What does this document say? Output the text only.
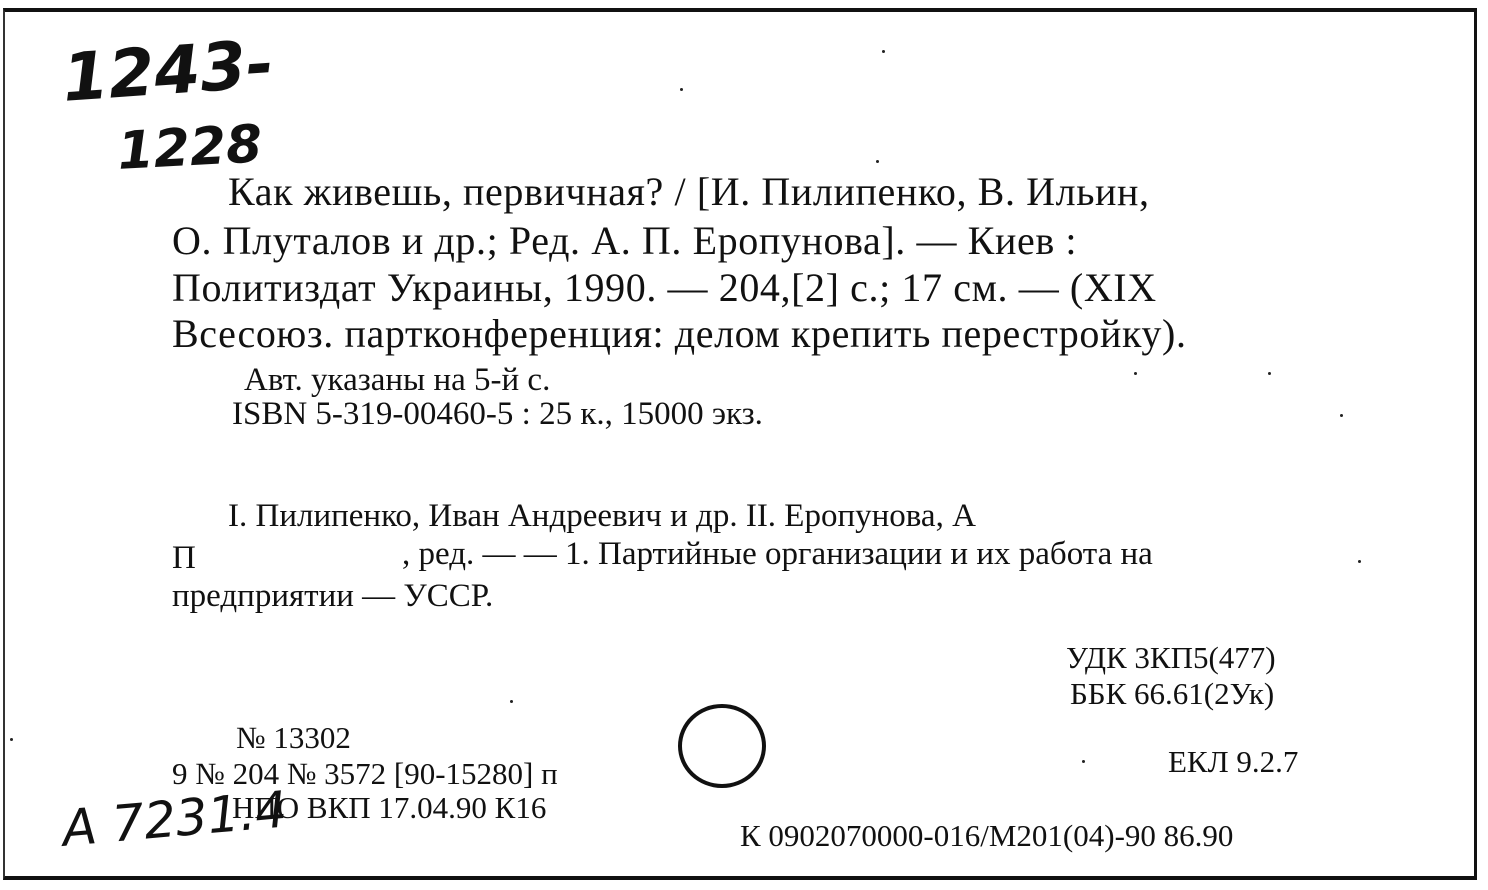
1243-
1228
A 7231.4
Как живешь, первичная? / [И. Пилипенко, В. Ильин,
О. Плуталов и др.; Ред. А. П. Еропунова]. — Киев :
Политиздат Украины, 1990. — 204,[2] с.; 17 см. — (XIX
Всесоюз. партконференция: делом крепить перестройку).
Авт. указаны на 5-й с.
ISBN 5-319-00460-5 : 25 к., 15000 экз.
I. Пилипенко, Иван Андреевич и др. II. Еропунова, А
П	, ред. — — 1. Партийные организации и их работа на
предприятии — УССР.
УДК 3КП5(477)
ББК 66.61(2Ук)
ЕКЛ 9.2.7
№ 13302
9 № 204 № 3572 [90-15280] п
НПО ВКП 17.04.90 К16
К 0902070000-016/М201(04)-90 86.90
